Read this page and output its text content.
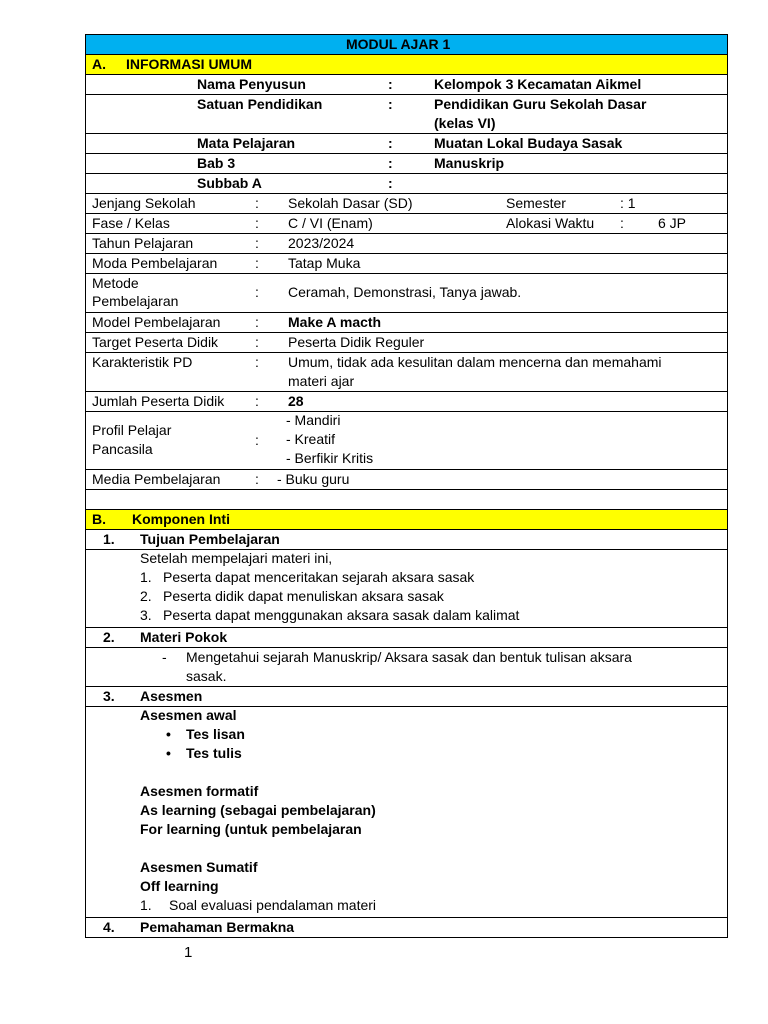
MODUL AJAR 1
A. INFORMASI UMUM
Nama Penyusun	:	Kelompok 3 Kecamatan Aikmel
Satuan Pendidikan	:	Pendidikan Guru Sekolah Dasar
(kelas VI)
Mata Pelajaran	:	Muatan Lokal Budaya Sasak
Bab 3	:	Manuskrip
Subbab A	:
Jenjang Sekolah	: Sekolah Dasar (SD)	Semester	: 1
Fase / Kelas	: C / VI (Enam)	Alokasi Waktu : 6 JP
Tahun Pelajaran	: 2023/2024
Moda Pembelajaran	: Tatap Muka
Metode
Pembelajaran
: Ceramah, Demonstrasi, Tanya jawab.
Model Pembelajaran : Make A macth
Target Peserta Didik	: Peserta Didik Reguler
Karakteristik PD	: Umum, tidak ada kesulitan dalam mencerna dan memahami
materi ajar
Jumlah Peserta Didik : 28
Profil Pelajar
Pancasila
:
- Mandiri
- Kreatif
- Berfikir Kritis
Media Pembelajaran : - Buku guru
B. Komponen Inti
1. Tujuan Pembelajaran
Setelah mempelajari materi ini,
1. Peserta dapat menceritakan sejarah aksara sasak
2. Peserta didik dapat menuliskan aksara sasak
3. Peserta dapat menggunakan aksara sasak dalam kalimat
2. Materi Pokok
- Mengetahui sejarah Manuskrip/ Aksara sasak dan bentuk tulisan aksara
sasak.
3. Asesmen
Asesmen awal
• Tes lisan
• Tes tulis
Asesmen formatif
As learning (sebagai pembelajaran)
For learning (untuk pembelajaran
Asesmen Sumatif
Off learning
1. Soal evaluasi pendalaman materi
4. Pemahaman Bermakna
1
